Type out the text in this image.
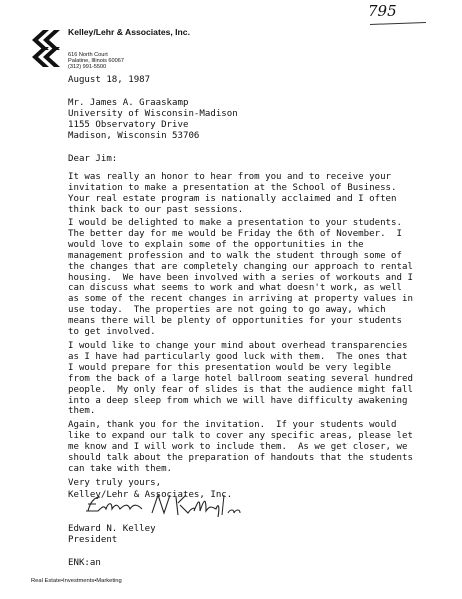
795
Kelley/Lehr & Associates, Inc.
616 North Court
Palatine, Illinois 60067
(312) 991-5500
August 18, 1987
Mr. James A. Graaskamp
University of Wisconsin-Madison
1155 Observatory Drive
Madison, Wisconsin 53706
Dear Jim:
It was really an honor to hear from you and to receive your
invitation to make a presentation at the School of Business.
Your real estate program is nationally acclaimed and I often
think back to our past sessions.
I would be delighted to make a presentation to your students.
The better day for me would be Friday the 6th of November.  I
would love to explain some of the opportunities in the
management profession and to walk the student through some of
the changes that are completely changing our approach to rental
housing.  We have been involved with a series of workouts and I
can discuss what seems to work and what doesn't work, as well
as some of the recent changes in arriving at property values in
use today.  The properties are not going to go away, which
means there will be plenty of opportunities for your students
to get involved.
I would like to change your mind about overhead transparencies
as I have had particularly good luck with them.  The ones that
I would prepare for this presentation would be very legible
from the back of a large hotel ballroom seating several hundred
people.  My only fear of slides is that the audience might fall
into a deep sleep from which we will have difficulty awakening
them.
Again, thank you for the invitation.  If your students would
like to expand our talk to cover any specific areas, please let
me know and I will work to include them.  As we get closer, we
should talk about the preparation of handouts that the students
can take with them.
Very truly yours,
Kelley/Lehr & Associates, Inc.
Edward N. Kelley
President
ENK:an
Real Estate•Investments•Marketing
